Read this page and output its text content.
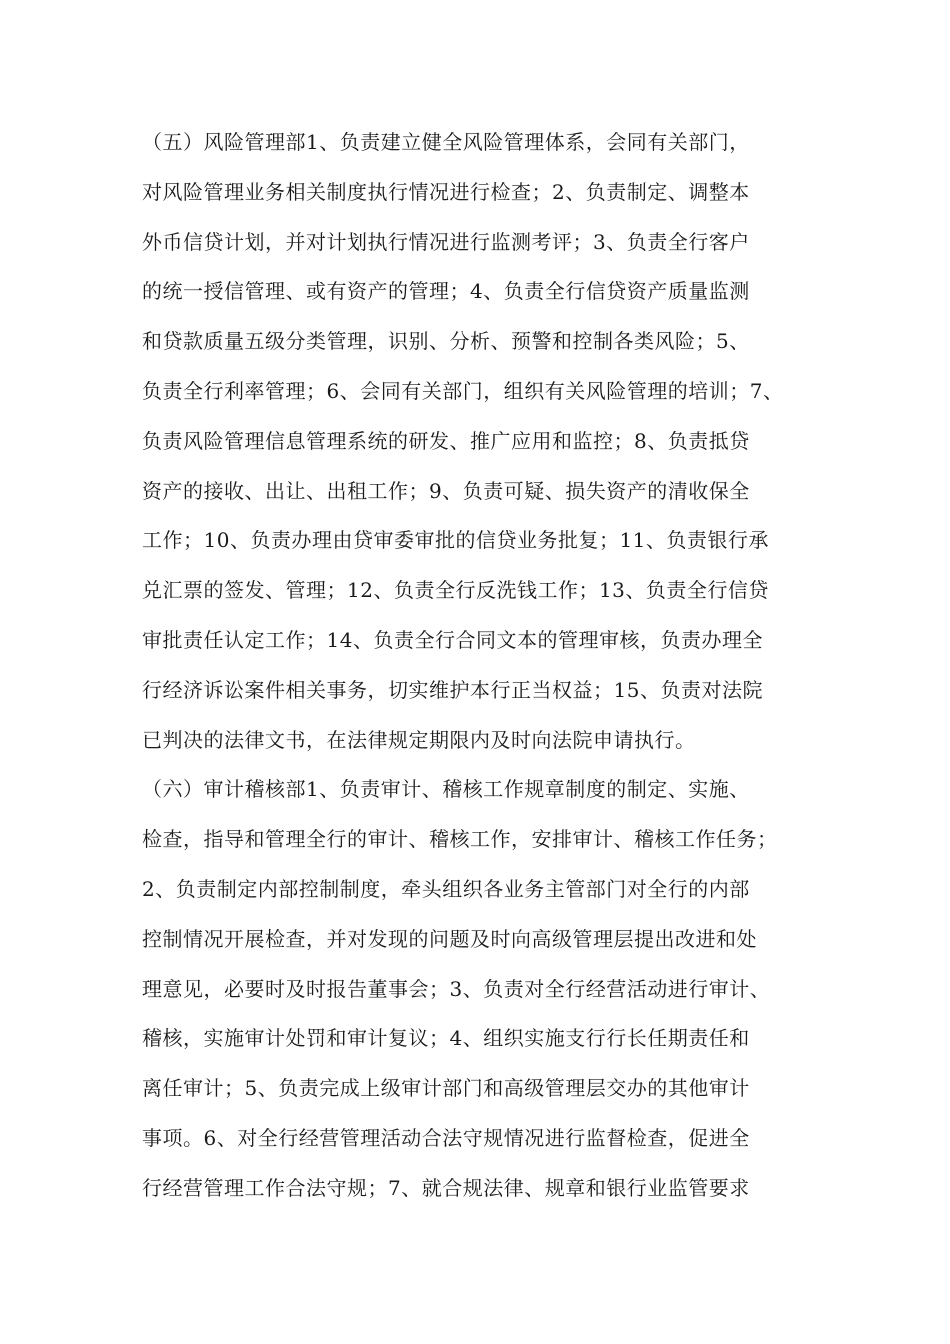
（五）风险管理部1、负责建立健全风险管理体系，会同有关部门，
对风险管理业务相关制度执行情况进行检查；2、负责制定、调整本
外币信贷计划，并对计划执行情况进行监测考评；3、负责全行客户
的统一授信管理、或有资产的管理；4、负责全行信贷资产质量监测
和贷款质量五级分类管理，识别、分析、预警和控制各类风险；5、
负责全行利率管理；6、会同有关部门，组织有关风险管理的培训；7、
负责风险管理信息管理系统的研发、推广应用和监控；8、负责抵贷
资产的接收、出让、出租工作；9、负责可疑、损失资产的清收保全
工作；10、负责办理由贷审委审批的信贷业务批复；11、负责银行承
兑汇票的签发、管理；12、负责全行反洗钱工作；13、负责全行信贷
审批责任认定工作；14、负责全行合同文本的管理审核，负责办理全
行经济诉讼案件相关事务，切实维护本行正当权益；15、负责对法院
已判决的法律文书，在法律规定期限内及时向法院申请执行。
（六）审计稽核部1、负责审计、稽核工作规章制度的制定、实施、
检查，指导和管理全行的审计、稽核工作，安排审计、稽核工作任务；
2、负责制定内部控制制度，牵头组织各业务主管部门对全行的内部
控制情况开展检查，并对发现的问题及时向高级管理层提出改进和处
理意见，必要时及时报告董事会；3、负责对全行经营活动进行审计、
稽核，实施审计处罚和审计复议；4、组织实施支行行长任期责任和
离任审计；5、负责完成上级审计部门和高级管理层交办的其他审计
事项。6、对全行经营管理活动合法守规情况进行监督检查，促进全
行经营管理工作合法守规；7、就合规法律、规章和银行业监管要求
